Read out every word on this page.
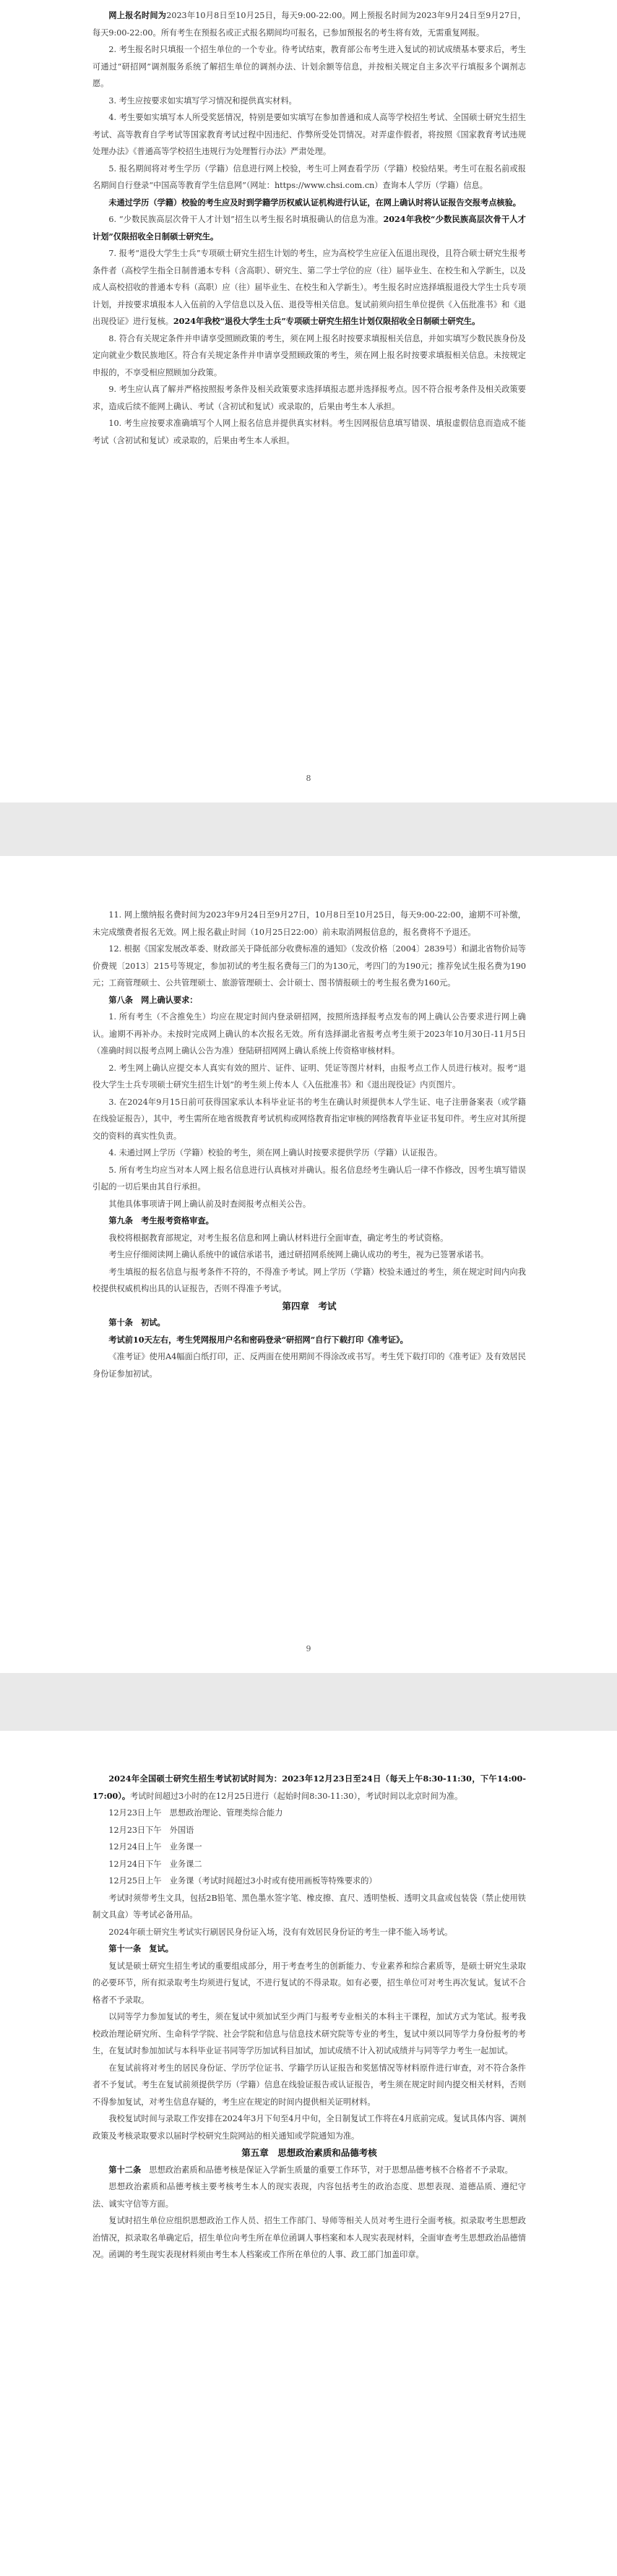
网上报名时间为2023年10月8日至10月25日，每天9:00-22:00。网上预报名时间为2023年9月24日至9月27日，每天9:00-22:00。所有考生在预报名或正式报名期间均可报名，已参加预报名的考生将有效，无需重复网报。

2. 考生报名时只填报一个招生单位的一个专业。待考试结束，教育部公布考生进入复试的初试成绩基本要求后，考生可通过“研招网”调剂服务系统了解招生单位的调剂办法、计划余额等信息，并按相关规定自主多次平行填报多个调剂志愿。

3. 考生应按要求如实填写学习情况和提供真实材料。

4. 考生要如实填写本人所受奖惩情况，特别是要如实填写在参加普通和成人高等学校招生考试、全国硕士研究生招生考试、高等教育自学考试等国家教育考试过程中因违纪、作弊所受处罚情况。对弄虚作假者，将按照《国家教育考试违规处理办法》《普通高等学校招生违规行为处理暂行办法》严肃处理。

5. 报名期间将对考生学历（学籍）信息进行网上校验，考生可上网查看学历（学籍）校验结果。考生可在报名前或报名期间自行登录“中国高等教育学生信息网”（网址：https://www.chsi.com.cn）查询本人学历（学籍）信息。

未通过学历（学籍）校验的考生应及时到学籍学历权威认证机构进行认证，在网上确认时将认证报告交报考点核验。

6. “少数民族高层次骨干人才计划”招生以考生报名时填报确认的信息为准。2024年我校“少数民族高层次骨干人才计划”仅限招收全日制硕士研究生。

7. 报考“退役大学生士兵”专项硕士研究生招生计划的考生，应为高校学生应征入伍退出现役，且符合硕士研究生报考条件者（高校学生指全日制普通本专科（含高职）、研究生、第二学士学位的应（往）届毕业生、在校生和入学新生，以及成人高校招收的普通本专科（高职）应（往）届毕业生、在校生和入学新生）。考生报名时应选择填报退役大学生士兵专项计划，并按要求填报本人入伍前的入学信息以及入伍、退役等相关信息。复试前须向招生单位提供《入伍批准书》和《退出现役证》进行复核。2024年我校“退役大学生士兵”专项硕士研究生招生计划仅限招收全日制硕士研究生。

8. 符合有关规定条件并申请享受照顾政策的考生，须在网上报名时按要求填报相关信息，并如实填写少数民族身份及定向就业少数民族地区。符合有关规定条件并申请享受照顾政策的考生，须在网上报名时按要求填报相关信息。未按规定申报的，不享受相应照顾加分政策。

9. 考生应认真了解并严格按照报考条件及相关政策要求选择填报志愿并选择报考点。因不符合报考条件及相关政策要求，造成后续不能网上确认、考试（含初试和复试）或录取的，后果由考生本人承担。

10. 考生应按要求准确填写个人网上报名信息并提供真实材料。考生因网报信息填写错误、填报虚假信息而造成不能考试（含初试和复试）或录取的，后果由考生本人承担。

8

11. 网上缴纳报名费时间为2023年9月24日至9月27日，10月8日至10月25日，每天9:00-22:00，逾期不可补缴，未完成缴费者报名无效。网上报名截止时间（10月25日22:00）前未取消网报信息的，报名费将不予退还。

12. 根据《国家发展改革委、财政部关于降低部分收费标准的通知》（发改价格〔2004〕2839号）和湖北省物价局等价费规〔2013〕215号等规定，参加初试的考生报名费每三门的为130元，考四门的为190元；推荐免试生报名费为190元；工商管理硕士、公共管理硕士、旅游管理硕士、会计硕士、图书情报硕士的考生报名费为160元。

第八条　网上确认要求：

1. 所有考生（不含推免生）均应在规定时间内登录研招网，按照所选择报考点发布的网上确认公告要求进行网上确认。逾期不再补办。未按时完成网上确认的本次报名无效。所有选择湖北省报考点考生须于2023年10月30日-11月5日（准确时间以报考点网上确认公告为准）登陆研招网网上确认系统上传资格审核材料。

2. 考生网上确认应提交本人真实有效的照片、证件、证明、凭证等图片材料，由报考点工作人员进行核对。报考“退役大学生士兵专项硕士研究生招生计划”的考生须上传本人《入伍批准书》和《退出现役证》内页图片。

3. 在2024年9月15日前可获得国家承认本科毕业证书的考生在确认时须提供本人学生证、电子注册备案表（或学籍在线验证报告），其中，考生需所在地省级教育考试机构或网络教育指定审核的网络教育毕业证书复印件。考生应对其所提交的资料的真实性负责。

4. 未通过网上学历（学籍）校验的考生，须在网上确认时按要求提供学历（学籍）认证报告。

5. 所有考生均应当对本人网上报名信息进行认真核对并确认。报名信息经考生确认后一律不作修改，因考生填写错误引起的一切后果由其自行承担。

其他具体事项请于网上确认前及时查阅报考点相关公告。

第九条　考生报考资格审查。

我校将根据教育部规定，对考生报名信息和网上确认材料进行全面审查，确定考生的考试资格。

考生应仔细阅读网上确认系统中的诚信承诺书，通过研招网系统网上确认成功的考生，视为已签署承诺书。

考生填报的报名信息与报考条件不符的，不得准予考试。网上学历（学籍）校验未通过的考生，须在规定时间内向我校提供权威机构出具的认证报告，否则不得准予考试。

第四章　考试

第十条　初试。

考试前10天左右，考生凭网报用户名和密码登录“研招网”自行下载打印《准考证》。

《准考证》使用A4幅面白纸打印，正、反两面在使用期间不得涂改或书写。考生凭下载打印的《准考证》及有效居民身份证参加初试。

9

2024年全国硕士研究生招生考试初试时间为：2023年12月23日至24日（每天上午8:30-11:30，下午14:00-17:00）。考试时间超过3小时的在12月25日进行（起始时间8:30-11:30），考试时间以北京时间为准。

12月23日上午　思想政治理论、管理类综合能力

12月23日下午　外国语

12月24日上午　业务课一

12月24日下午　业务课二

12月25日上午　业务课（考试时间超过3小时或有使用画板等特殊要求的）

考试时须带考生文具，包括2B铅笔、黑色墨水签字笔、橡皮擦、直尺、透明垫板、透明文具盒或包装袋（禁止使用铁制文具盒）等考试必备用品。

2024年硕士研究生考试实行刷居民身份证入场，没有有效居民身份证的考生一律不能入场考试。

第十一条　复试。

复试是硕士研究生招生考试的重要组成部分，用于考查考生的创新能力、专业素养和综合素质等，是硕士研究生录取的必要环节，所有拟录取考生均须进行复试，不进行复试的不得录取。如有必要，招生单位可对考生再次复试。复试不合格者不予录取。

以同等学力参加复试的考生，须在复试中须加试至少两门与报考专业相关的本科主干课程，加试方式为笔试。报考我校政治理论研究所、生命科学学院、社会学院和信息与信息技术研究院等专业的考生，复试中须以同等学力身份报考的考生，在复试时参加加试与本科毕业证书同等学历加试科目加试，加试成绩不计入初试成绩并与同等学力考生一起加试。

在复试前将对考生的居民身份证、学历学位证书、学籍学历认证报告和奖惩情况等材料原件进行审查，对不符合条件者不予复试。考生在复试前须提供学历（学籍）信息在线验证报告或认证报告，考生须在规定时间内提交相关材料，否则不得参加复试，对考生信息存疑的，考生应在规定的时间内提供相关证明材料。

我校复试时间与录取工作安排在2024年3月下旬至4月中旬，全日制复试工作将在4月底前完成。复试具体内容、调剂政策及考核录取要求以届时学校研究生院网站的相关通知或学院通知为准。

第五章　思想政治素质和品德考核

第十二条　 思想政治素质和品德考核是保证入学新生质量的重要工作环节，对于思想品德考核不合格者不予录取。

思想政治素质和品德考核主要考核考生本人的现实表现，内容包括考生的政治态度、思想表现、道德品质、遵纪守法、诚实守信等方面。

复试时招生单位应组织思想政治工作人员、招生工作部门、导师等相关人员对考生进行全面考核。拟录取考生思想政治情况，拟录取名单确定后，招生单位向考生所在单位函调人事档案和本人现实表现材料，全面审查考生思想政治品德情况。函调的考生现实表现材料须由考生本人档案或工作所在单位的人事、政工部门加盖印章。
